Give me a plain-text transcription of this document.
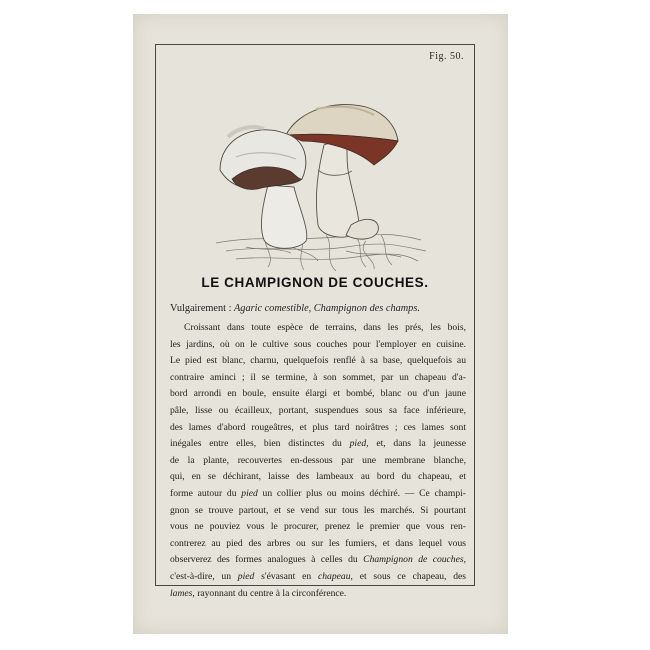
Fig. 50.
LE CHAMPIGNON DE COUCHES.
Vulgairement : Agaric comestible, Champignon des champs.
Croissant dans toute espèce de terrains, dans les prés, les bois,
les jardins, où on le cultive sous couches pour l'employer en cuisine.
Le pied est blanc, charnu, quelquefois renflé à sa base, quelquefois au
contraire aminci ; il se termine, à son sommet, par un chapeau d'a-
bord arrondi en boule, ensuite élargi et bombé, blanc ou d'un jaune
pâle, lisse ou écailleux, portant, suspendues sous sa face inférieure,
des lames d'abord rougeâtres, et plus tard noirâtres ; ces lames sont
inégales entre elles, bien distinctes du pied, et, dans la jeunesse
de la plante, recouvertes en-dessous par une membrane blanche,
qui, en se déchirant, laisse des lambeaux au bord du chapeau, et
forme autour du pied un collier plus ou moins déchiré. — Ce champi-
gnon se trouve partout, et se vend sur tous les marchés. Si pourtant
vous ne pouviez vous le procurer, prenez le premier que vous ren-
contrerez au pied des arbres ou sur les fumiers, et dans lequel vous
observerez des formes analogues à celles du Champignon de couches,
c'est-à-dire, un pied s'évasant en chapeau, et sous ce chapeau, des
lames, rayonnant du centre à la circonférence.
